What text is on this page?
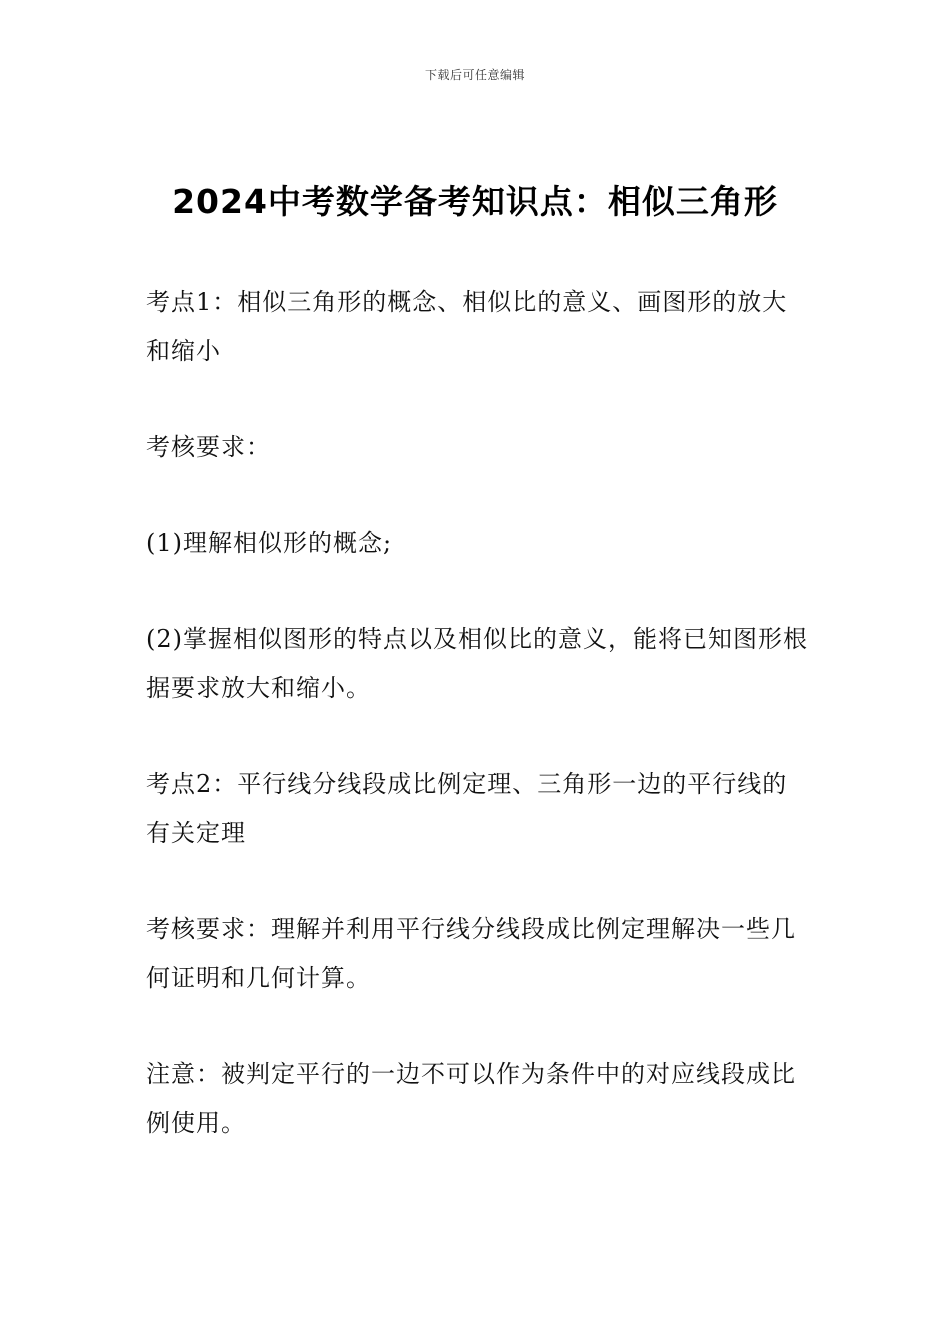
下载后可任意编辑
2024中考数学备考知识点：相似三角形

考点1：相似三角形的概念、相似比的意义、画图形的放大和缩小

考核要求：

(1)理解相似形的概念;

(2)掌握相似图形的特点以及相似比的意义，能将已知图形根据要求放大和缩小。

考点2：平行线分线段成比例定理、三角形一边的平行线的有关定理

考核要求：理解并利用平行线分线段成比例定理解决一些几何证明和几何计算。

注意：被判定平行的一边不可以作为条件中的对应线段成比例使用。
